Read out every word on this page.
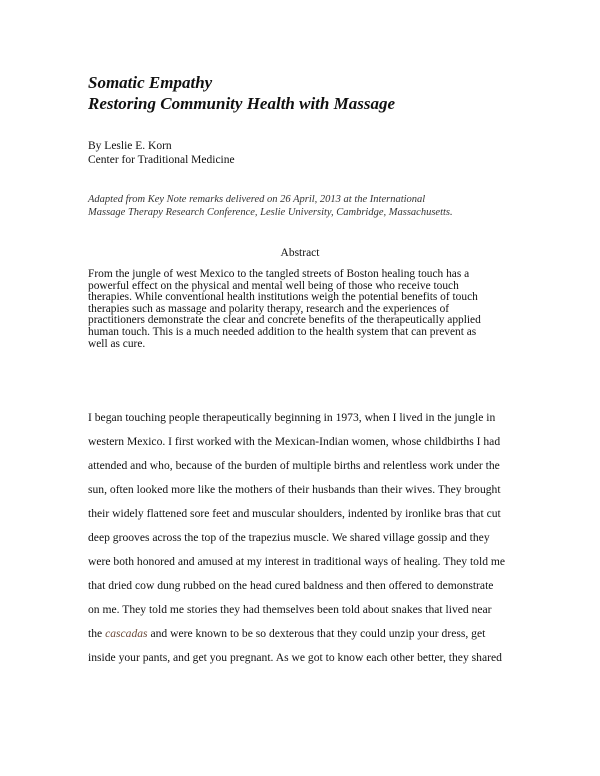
Somatic Empathy
Restoring Community Health with Massage
By Leslie E. Korn
Center for Traditional Medicine
Adapted from Key Note remarks delivered on 26 April, 2013 at the International
Massage Therapy Research Conference, Leslie University, Cambridge, Massachusetts.
Abstract
From the jungle of west Mexico to the tangled streets of Boston healing touch has a
powerful effect on the physical and mental well being of those who receive touch
therapies. While conventional health institutions weigh the potential benefits of touch
therapies such as massage and polarity therapy, research and the experiences of
practitioners demonstrate the clear and concrete benefits of the therapeutically applied
human touch. This is a much needed addition to the health system that can prevent as
well as cure.
I began touching people therapeutically beginning in 1973, when I lived in the jungle in
western Mexico. I first worked with the Mexican-Indian women, whose childbirths I had
attended and who, because of the burden of multiple births and relentless work under the
sun, often looked more like the mothers of their husbands than their wives. They brought
their widely flattened sore feet and muscular shoulders, indented by ironlike bras that cut
deep grooves across the top of the trapezius muscle. We shared village gossip and they
were both honored and amused at my interest in traditional ways of healing. They told me
that dried cow dung rubbed on the head cured baldness and then offered to demonstrate
on me. They told me stories they had themselves been told about snakes that lived near
the cascadas and were known to be so dexterous that they could unzip your dress, get
inside your pants, and get you pregnant. As we got to know each other better, they shared
